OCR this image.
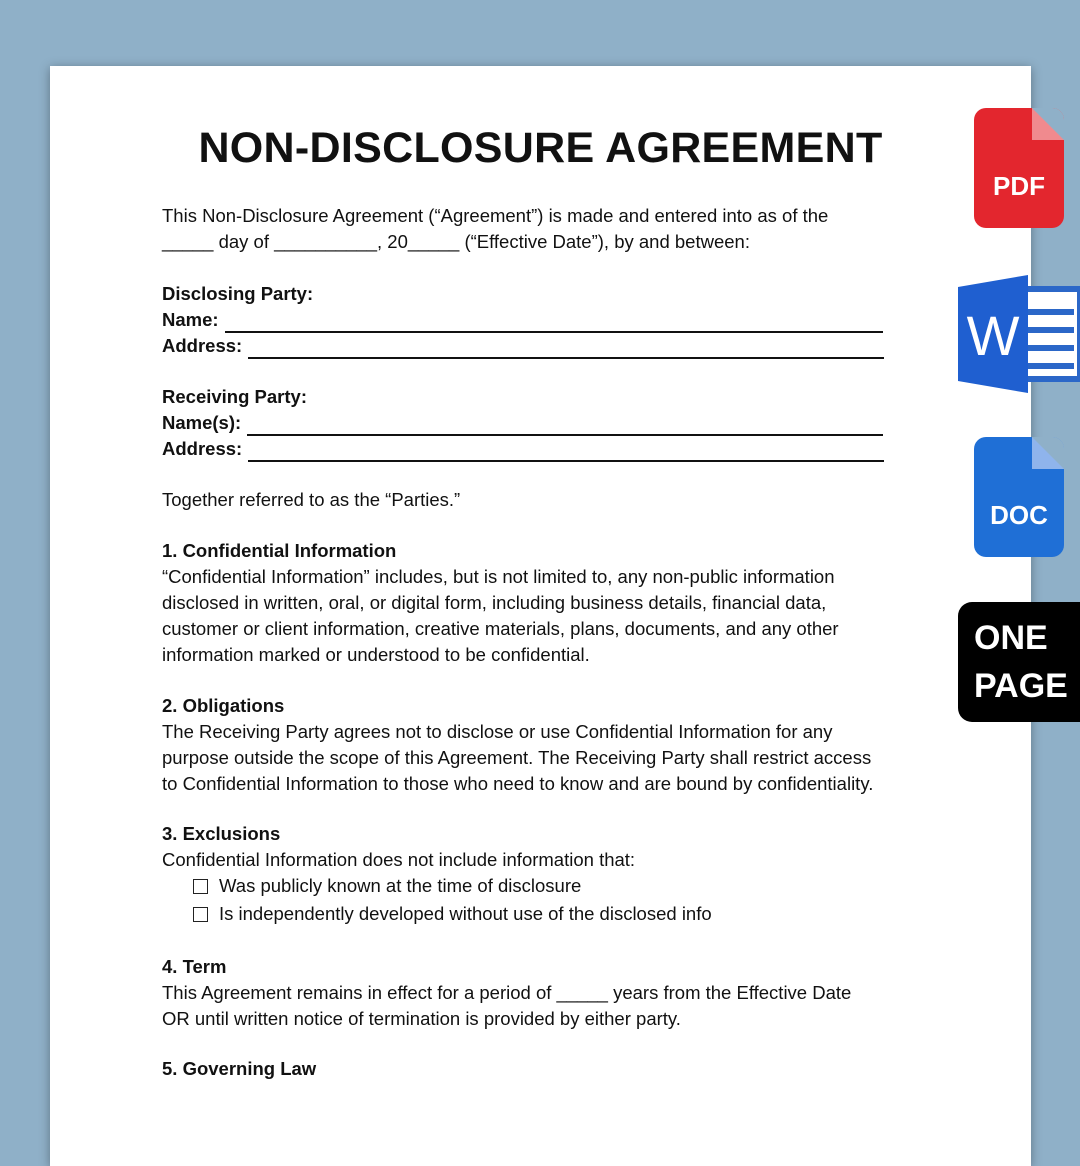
NON-DISCLOSURE AGREEMENT
This Non-Disclosure Agreement (“Agreement”) is made and entered into as of the
_____ day of __________, 20_____ (“Effective Date”), by and between:
Disclosing Party:
Name:
Address:
Receiving Party:
Name(s):
Address:
Together referred to as the “Parties.”
1. Confidential Information
“Confidential Information” includes, but is not limited to, any non-public information
disclosed in written, oral, or digital form, including business details, financial data,
customer or client information, creative materials, plans, documents, and any other
information marked or understood to be confidential.
2. Obligations
The Receiving Party agrees not to disclose or use Confidential Information for any
purpose outside the scope of this Agreement. The Receiving Party shall restrict access
to Confidential Information to those who need to know and are bound by confidentiality.
3. Exclusions
Confidential Information does not include information that:
Was publicly known at the time of disclosure
Is independently developed without use of the disclosed info
4. Term
This Agreement remains in effect for a period of _____ years from the Effective Date
OR until written notice of termination is provided by either party.
5. Governing Law
PDF
W
DOC
ONE
PAGE
